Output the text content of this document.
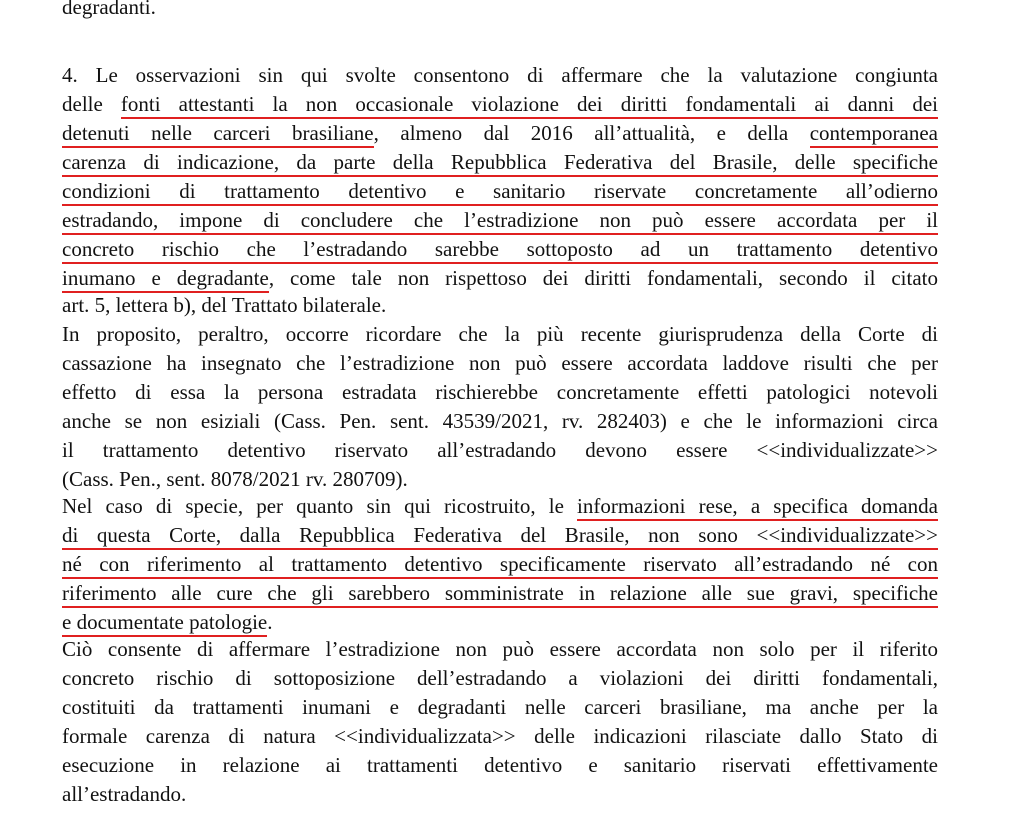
degradanti.
4. Le osservazioni sin qui svolte consentono di affermare che la valutazione congiunta
delle fonti attestanti la non occasionale violazione dei diritti fondamentali ai danni dei
detenuti nelle carceri brasiliane, almeno dal 2016 all’attualità, e della contemporanea
carenza di indicazione, da parte della Repubblica Federativa del Brasile, delle specifiche
condizioni di trattamento detentivo e sanitario riservate concretamente all’odierno
estradando, impone di concludere che l’estradizione non può essere accordata per il
concreto rischio che l’estradando sarebbe sottoposto ad un trattamento detentivo
inumano e degradante, come tale non rispettoso dei diritti fondamentali, secondo il citato
art. 5, lettera b), del Trattato bilaterale.
In proposito, peraltro, occorre ricordare che la più recente giurisprudenza della Corte di
cassazione ha insegnato che l’estradizione non può essere accordata laddove risulti che per
effetto di essa la persona estradata rischierebbe concretamente effetti patologici notevoli
anche se non esiziali (Cass. Pen. sent. 43539/2021, rv. 282403) e che le informazioni circa
il trattamento detentivo riservato all’estradando devono essere <<individualizzate>>
(Cass. Pen., sent. 8078/2021 rv. 280709).
Nel caso di specie, per quanto sin qui ricostruito, le informazioni rese, a specifica domanda
di questa Corte, dalla Repubblica Federativa del Brasile, non sono <<individualizzate>>
né con riferimento al trattamento detentivo specificamente riservato all’estradando né con
riferimento alle cure che gli sarebbero somministrate in relazione alle sue gravi, specifiche
e documentate patologie.
Ciò consente di affermare l’estradizione non può essere accordata non solo per il riferito
concreto rischio di sottoposizione dell’estradando a violazioni dei diritti fondamentali,
costituiti da trattamenti inumani e degradanti nelle carceri brasiliane, ma anche per la
formale carenza di natura <<individualizzata>> delle indicazioni rilasciate dallo Stato di
esecuzione in relazione ai trattamenti detentivo e sanitario riservati effettivamente
all’estradando.
